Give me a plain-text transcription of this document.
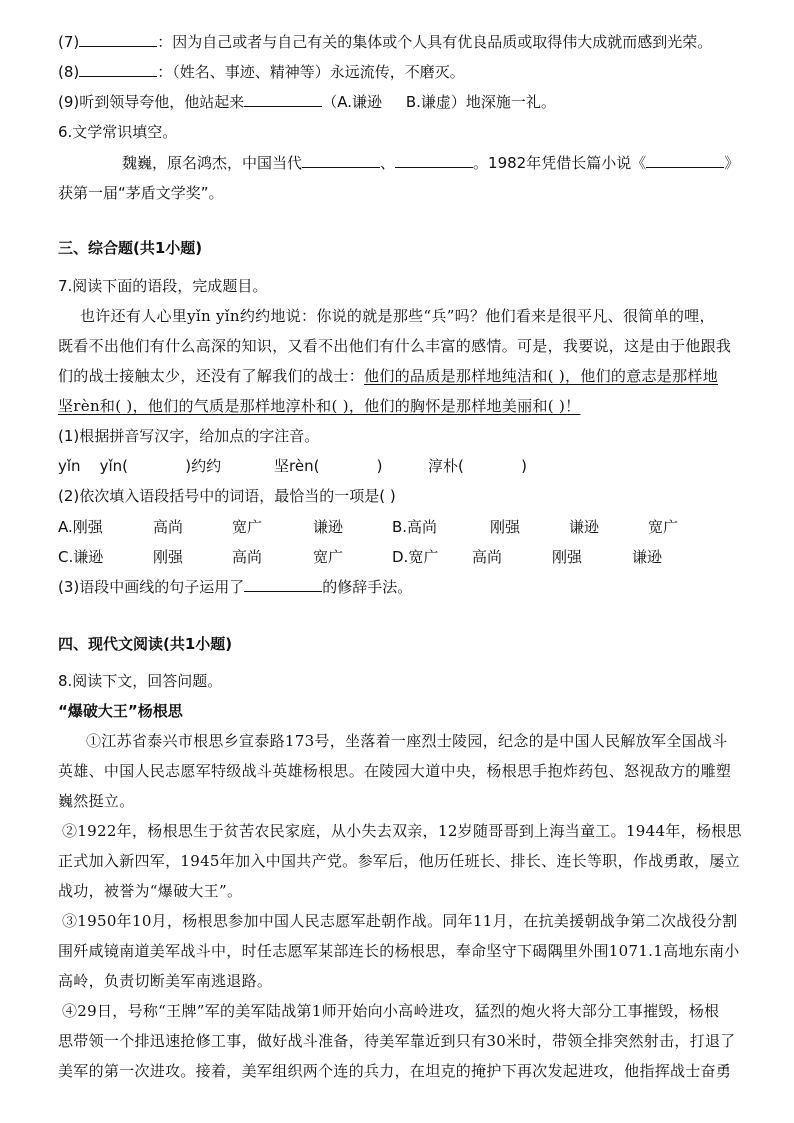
(7)	：因为自己或者与自己有关的集体或个人具有优良品质或取得伟大成就而感到光荣。
(8)	：（姓名、事迹、精神等）永远流传，不磨灭。
(9)听到领导夸他，他站起来	（A.谦逊     B.谦虚）地深施一礼。
6.文学常识填空。
魏巍，原名鸿杰，中国当代	、	。1982年凭借长篇小说《	》
获第一届“茅盾文学奖”。
三、综合题(共1小题)
7.阅读下面的语段，完成题目。
也许还有人心里yǐn yǐn约约地说：你说的就是那些“兵”吗？他们看来是很平凡、很简单的哩，
既看不出他们有什么高深的知识，又看不出他们有什么丰富的感情。可是，我要说，这是由于他跟我
们的战士接触太少，还没有了解我们的战士：他们的品质是那样地纯洁和( )，他们的意志是那样地
坚rèn和( )，他们的气质是那样地淳朴和( )，他们的胸怀是那样地美丽和( )！
(1)根据拼音写汉字，给加点的字注音。
yǐn    yǐn(            )约约	坚rèn(            )	淳朴(            )
(2)依次填入语段括号中的词语，最恰当的一项是( )
A.刚强	高尚	宽广	谦逊	B.高尚	刚强	谦逊	宽广
C.谦逊	刚强	高尚	宽广	D.宽广 高尚	刚强	谦逊
(3)语段中画线的句子运用了	的修辞手法。
四、现代文阅读(共1小题)
8.阅读下文，回答问题。
“爆破大王”杨根思
①江苏省泰兴市根思乡宣泰路173号，坐落着一座烈士陵园，纪念的是中国人民解放军全国战斗
英雄、中国人民志愿军特级战斗英雄杨根思。在陵园大道中央，杨根思手抱炸药包、怒视敌方的雕塑
巍然挺立。
②1922年，杨根思生于贫苦农民家庭，从小失去双亲，12岁随哥哥到上海当童工。1944年，杨根思
正式加入新四军，1945年加入中国共产党。参军后，他历任班长、排长、连长等职，作战勇敢，屡立
战功，被誉为“爆破大王”。
③1950年10月，杨根思参加中国人民志愿军赴朝作战。同年11月，在抗美援朝战争第二次战役分割
围歼咸镜南道美军战斗中，时任志愿军某部连长的杨根思，奉命坚守下碣隅里外围1071.1高地东南小
高岭，负责切断美军南逃退路。
④29日，号称“王牌”军的美军陆战第1师开始向小高岭进攻，猛烈的炮火将大部分工事摧毁，杨根
思带领一个排迅速抢修工事，做好战斗准备，待美军靠近到只有30米时，带领全排突然射击，打退了
美军的第一次进攻。接着，美军组织两个连的兵力，在坦克的掩护下再次发起进攻，他指挥战士奋勇
